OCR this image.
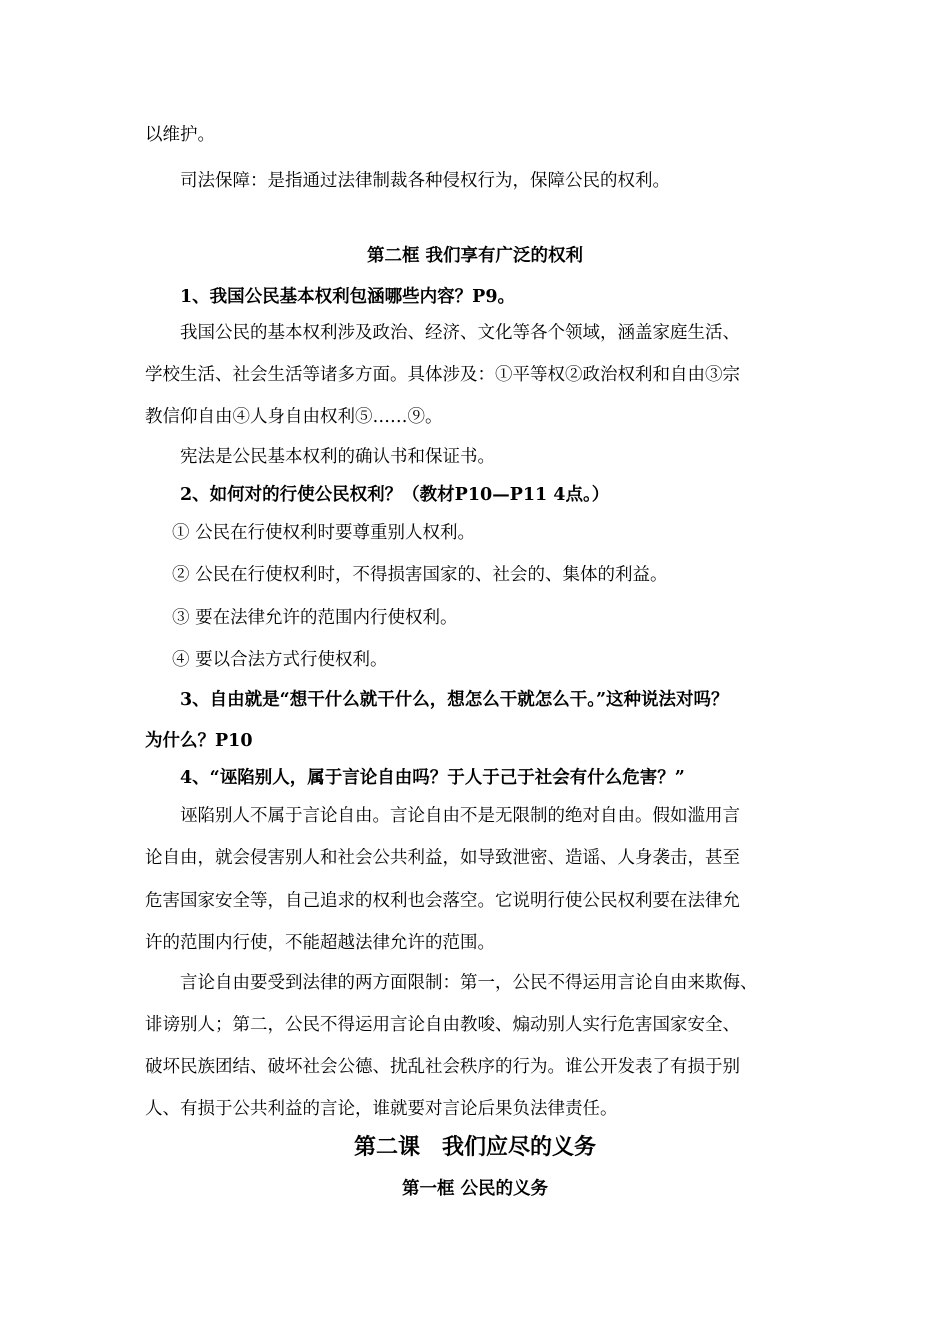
以维护。
司法保障：是指通过法律制裁各种侵权行为，保障公民的权利。
第二框 我们享有广泛的权利
1、我国公民基本权利包涵哪些内容？P9。
我国公民的基本权利涉及政治、经济、文化等各个领域，涵盖家庭生活、
学校生活、社会生活等诸多方面。具体涉及：①平等权②政治权利和自由③宗
教信仰自由④人身自由权利⑤……⑨。
宪法是公民基本权利的确认书和保证书。
2、如何对的行使公民权利？（教材P10—P11 4点。）
① 公民在行使权利时要尊重别人权利。
② 公民在行使权利时，不得损害国家的、社会的、集体的利益。
③ 要在法律允许的范围内行使权利。
④ 要以合法方式行使权利。
3、自由就是“想干什么就干什么，想怎么干就怎么干。”这种说法对吗？
为什么？P10
4、“诬陷别人，属于言论自由吗？于人于己于社会有什么危害？”
诬陷别人不属于言论自由。言论自由不是无限制的绝对自由。假如滥用言
论自由，就会侵害别人和社会公共利益，如导致泄密、造谣、人身袭击，甚至
危害国家安全等，自己追求的权利也会落空。它说明行使公民权利要在法律允
许的范围内行使，不能超越法律允许的范围。
言论自由要受到法律的两方面限制：第一，公民不得运用言论自由来欺侮、
诽谤别人；第二，公民不得运用言论自由教唆、煽动别人实行危害国家安全、
破坏民族团结、破坏社会公德、扰乱社会秩序的行为。谁公开发表了有损于别
人、有损于公共利益的言论，谁就要对言论后果负法律责任。
第二课　我们应尽的义务
第一框 公民的义务
